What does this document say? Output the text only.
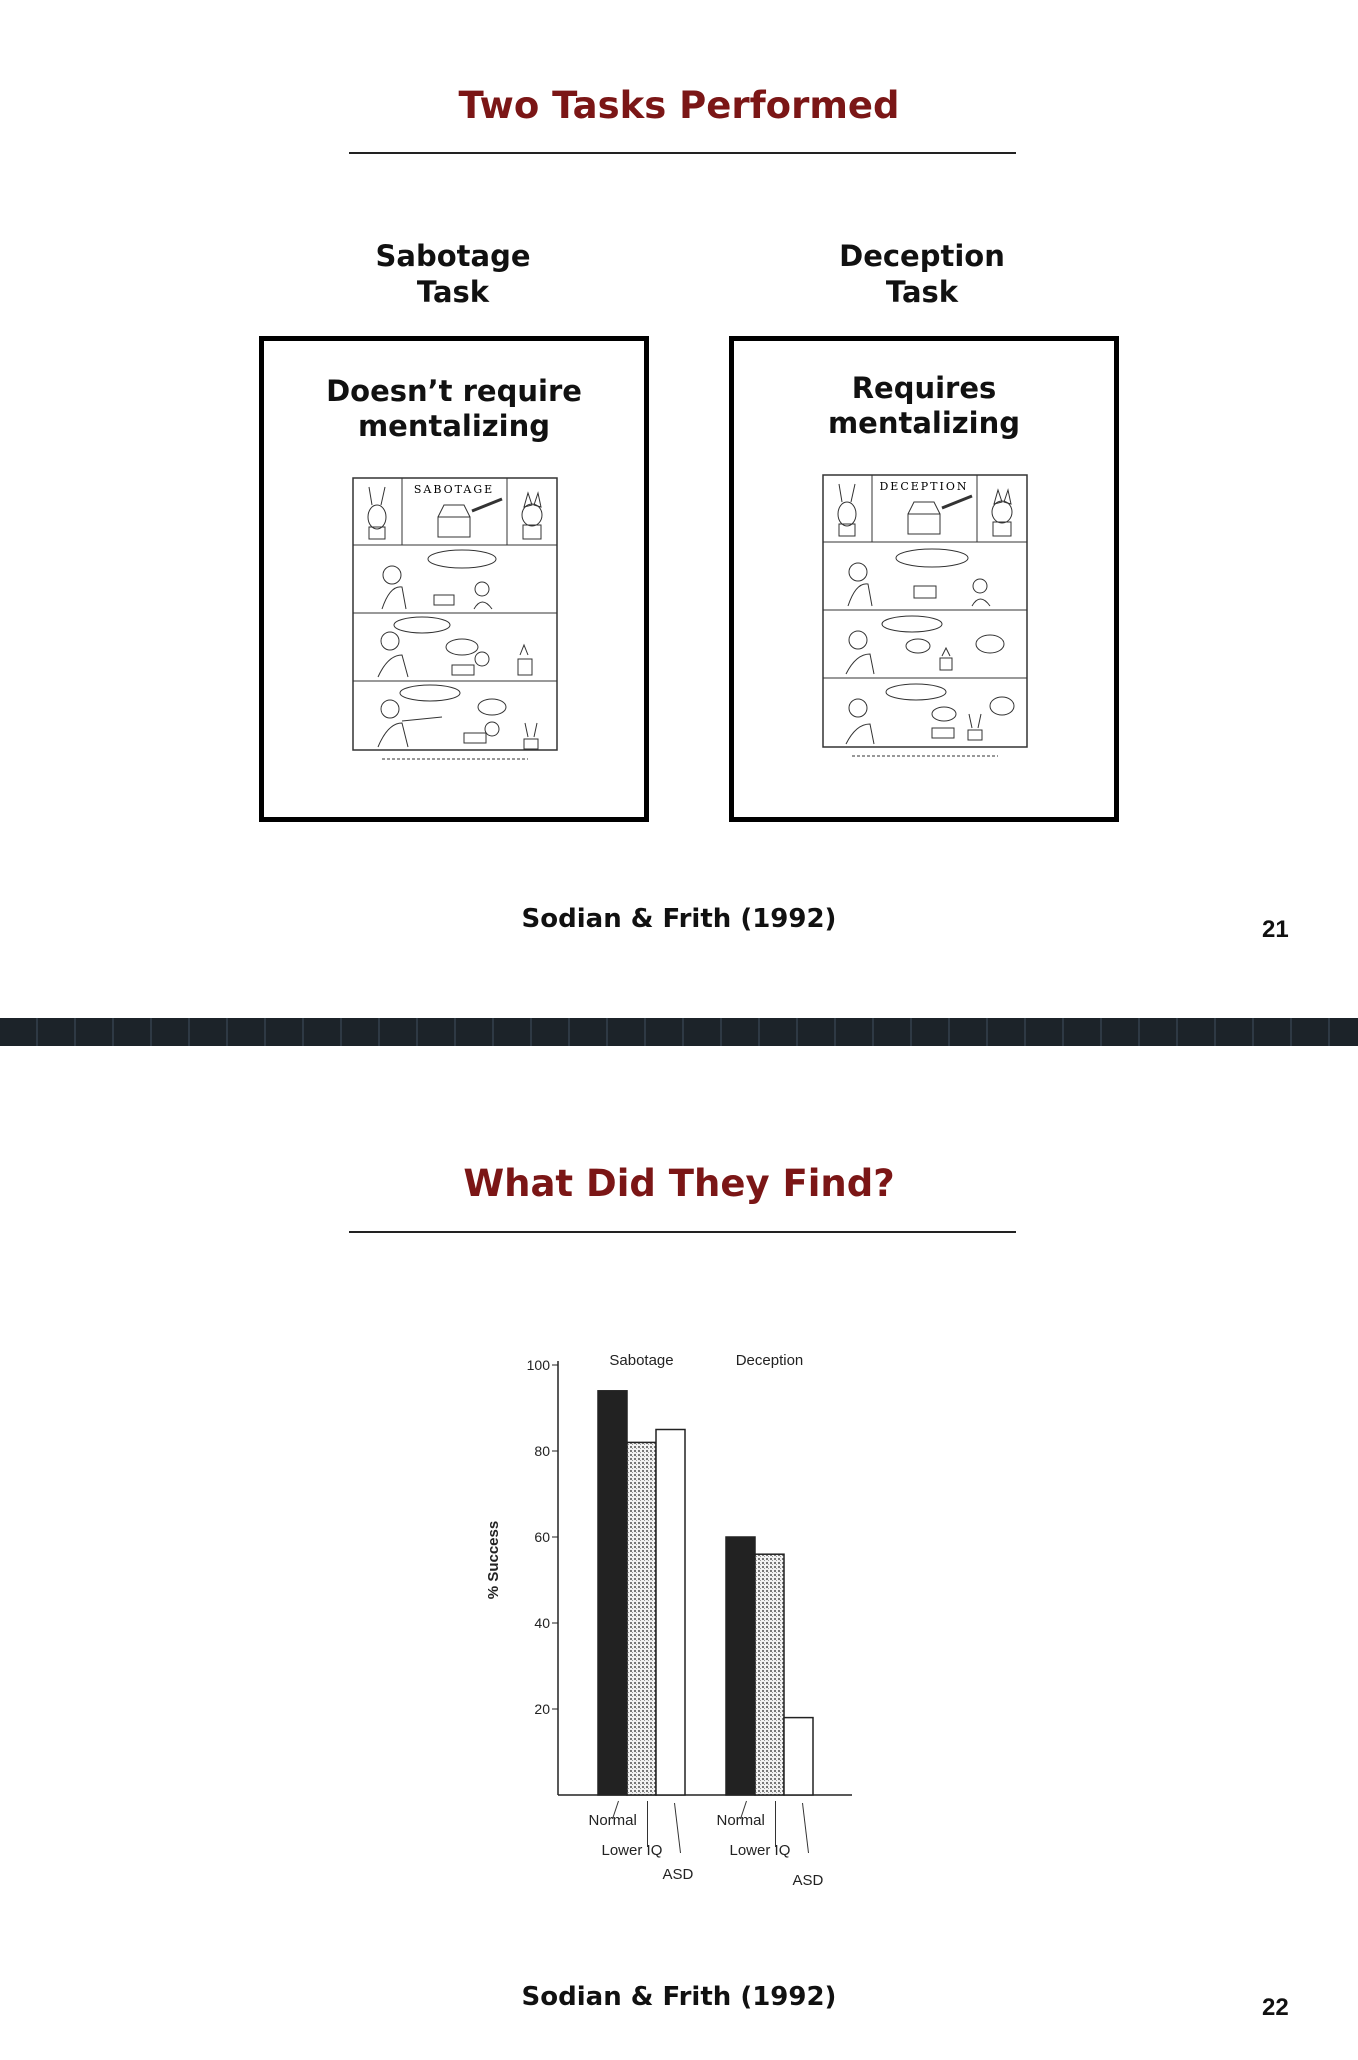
Two Tasks Performed
Sabotage
Task
Doesn’t require
mentalizing
SABOTAGE
Deception
Task
Requires
mentalizing
DECEPTION
Sodian & Frith (1992)	21
What Did They Find?
Sodian & Frith (1992)	22
20
40
60
80
100
% Success
Sabotage	Deception
Normal
Lower IQ
ASD
Normal
Lower IQ
ASD
